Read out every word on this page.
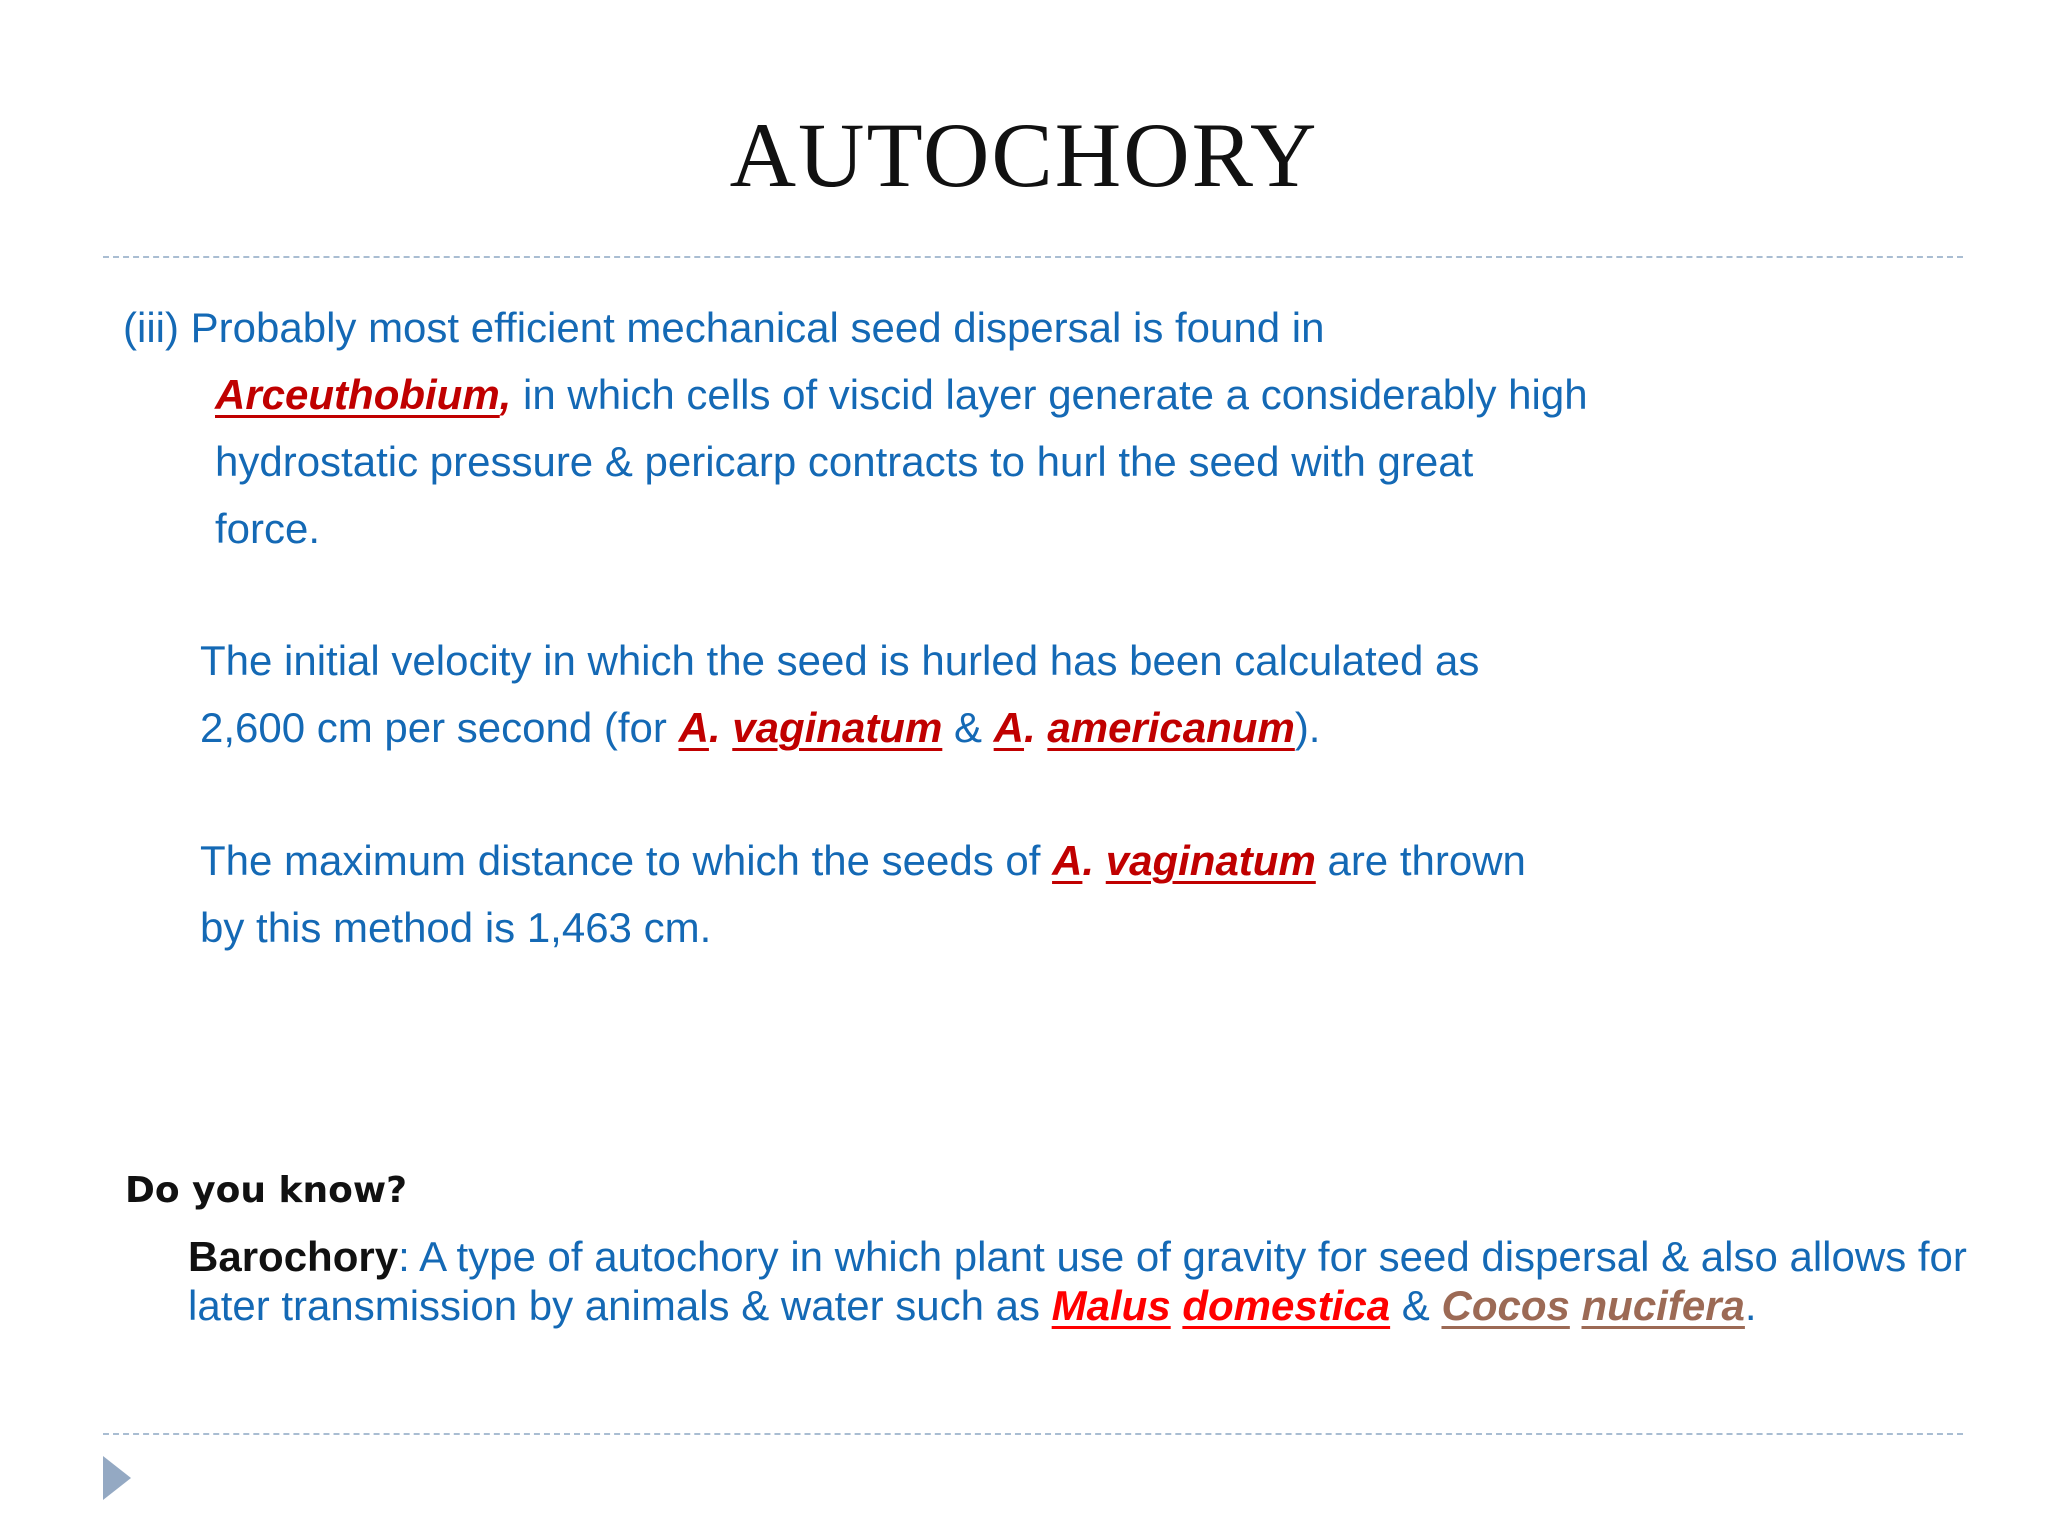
AUTOCHORY
(iii) Probably most efficient mechanical seed dispersal is found in
Arceuthobium, in which cells of viscid layer generate a considerably high
hydrostatic pressure & pericarp contracts to hurl the seed with great
force.
The initial velocity in which the seed is hurled has been calculated as
2,600 cm per second (for A. vaginatum & A. americanum).
The maximum distance to which the seeds of A. vaginatum are thrown
by this method is 1,463 cm.
Do you know?
Barochory: A type of autochory in which plant use of gravity for seed dispersal & also allows for later transmission by animals & water such as Malus domestica & Cocos nucifera.
